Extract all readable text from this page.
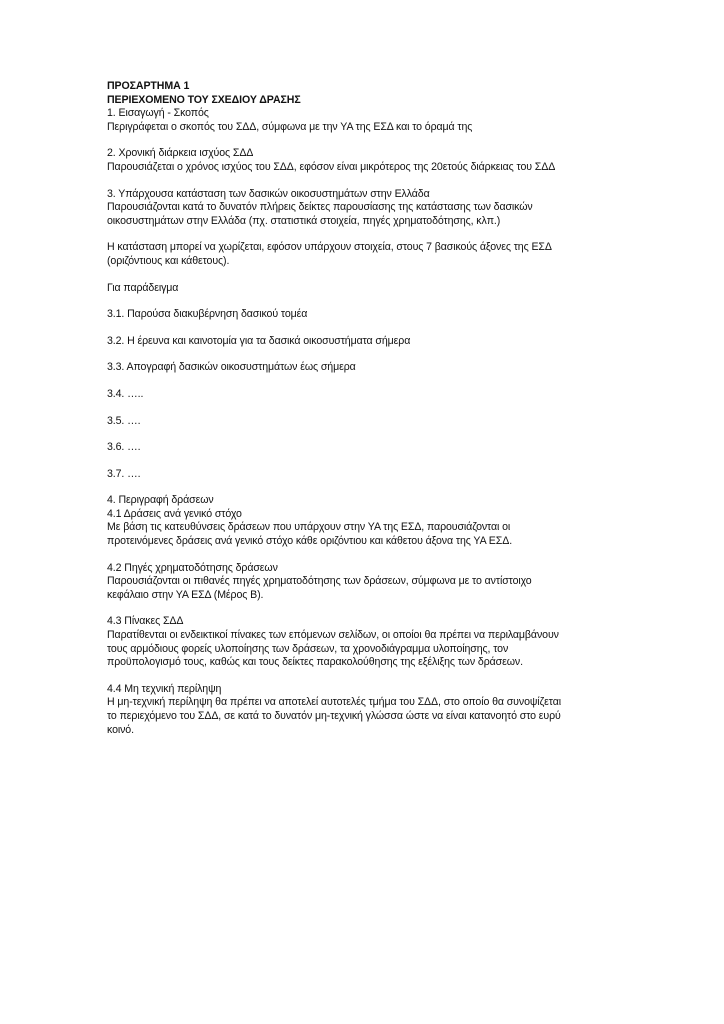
ΠΡΟΣΑΡΤΗΜΑ 1
ΠΕΡΙΕΧΟΜΕΝΟ ΤΟΥ ΣΧΕΔΙΟΥ ΔΡΑΣΗΣ
1. Εισαγωγή - Σκοπός
Περιγράφεται ο σκοπός του ΣΔΔ, σύμφωνα με την ΥΑ της ΕΣΔ και το όραμά της
2. Χρονική διάρκεια ισχύος ΣΔΔ
Παρουσιάζεται ο χρόνος ισχύος του ΣΔΔ, εφόσον είναι μικρότερος της 20ετούς διάρκειας του ΣΔΔ
3. Υπάρχουσα κατάσταση των δασικών οικοσυστημάτων στην Ελλάδα
Παρουσιάζονται κατά το δυνατόν πλήρεις δείκτες παρουσίασης της κατάστασης των δασικών
οικοσυστημάτων στην Ελλάδα (πχ. στατιστικά στοιχεία, πηγές χρηματοδότησης, κλπ.)
Η κατάσταση μπορεί να χωρίζεται, εφόσον υπάρχουν στοιχεία, στους 7 βασικούς άξονες της ΕΣΔ
(οριζόντιους και κάθετους).
Για παράδειγμα
3.1. Παρούσα διακυβέρνηση δασικού τομέα
3.2. Η έρευνα και καινοτομία για τα δασικά οικοσυστήματα σήμερα
3.3. Απογραφή δασικών οικοσυστημάτων έως σήμερα
3.4. …..
3.5. ….
3.6. ….
3.7. ….
4. Περιγραφή δράσεων
4.1 Δράσεις ανά γενικό στόχο
Με βάση τις κατευθύνσεις δράσεων που υπάρχουν στην ΥΑ της ΕΣΔ, παρουσιάζονται οι
προτεινόμενες δράσεις ανά γενικό στόχο κάθε οριζόντιου και κάθετου άξονα της ΥΑ ΕΣΔ.
4.2 Πηγές χρηματοδότησης δράσεων
Παρουσιάζονται οι πιθανές πηγές χρηματοδότησης των δράσεων, σύμφωνα με το αντίστοιχο
κεφάλαιο στην ΥΑ ΕΣΔ (Μέρος Β).
4.3 Πίνακες ΣΔΔ
Παρατίθενται οι ενδεικτικοί πίνακες των επόμενων σελίδων, οι οποίοι θα πρέπει να περιλαμβάνουν
τους αρμόδιους φορείς υλοποίησης των δράσεων, τα χρονοδιάγραμμα υλοποίησης, τον
προϋπολογισμό τους, καθώς και τους δείκτες παρακολούθησης της εξέλιξης των δράσεων.
4.4 Μη τεχνική περίληψη
Η μη-τεχνική περίληψη θα πρέπει να αποτελεί αυτοτελές τμήμα του ΣΔΔ, στο οποίο θα συνοψίζεται
το περιεχόμενο του ΣΔΔ, σε κατά το δυνατόν μη-τεχνική γλώσσα ώστε να είναι κατανοητό στο ευρύ
κοινό.
